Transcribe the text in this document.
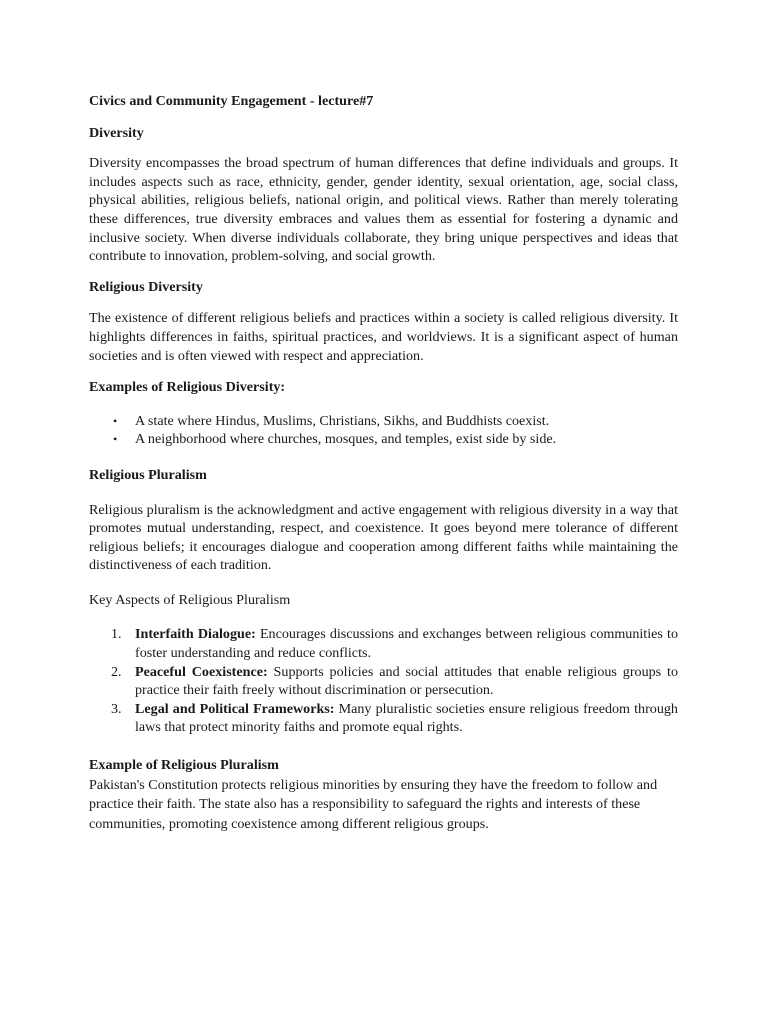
Civics and Community Engagement - lecture#7
Diversity

Diversity encompasses the broad spectrum of human differences that define individuals and groups. It includes aspects such as race, ethnicity, gender, gender identity, sexual orientation, age, social class, physical abilities, religious beliefs, national origin, and political views. Rather than merely tolerating these differences, true diversity embraces and values them as essential for fostering a dynamic and inclusive society. When diverse individuals collaborate, they bring unique perspectives and ideas that contribute to innovation, problem-solving, and social growth.

Religious Diversity

The existence of different religious beliefs and practices within a society is called religious diversity. It highlights differences in faiths, spiritual practices, and worldviews. It is a significant aspect of human societies and is often viewed with respect and appreciation.

Examples of Religious Diversity:
• A state where Hindus, Muslims, Christians, Sikhs, and Buddhists coexist.
• A neighborhood where churches, mosques, and temples, exist side by side.
Religious Pluralism

Religious pluralism is the acknowledgment and active engagement with religious diversity in a way that promotes mutual understanding, respect, and coexistence. It goes beyond mere tolerance of different religious beliefs; it encourages dialogue and cooperation among different faiths while maintaining the distinctiveness of each tradition.

Key Aspects of Religious Pluralism

1. Interfaith Dialogue: Encourages discussions and exchanges between religious communities to foster understanding and reduce conflicts.

2. Peaceful Coexistence: Supports policies and social attitudes that enable religious groups to practice their faith freely without discrimination or persecution.

3. Legal and Political Frameworks: Many pluralistic societies ensure religious freedom through laws that protect minority faiths and promote equal rights.

Example of Religious Pluralism

Pakistan's Constitution protects religious minorities by ensuring they have the freedom to follow and practice their faith. The state also has a responsibility to safeguard the rights and interests of these communities, promoting coexistence among different religious groups.
